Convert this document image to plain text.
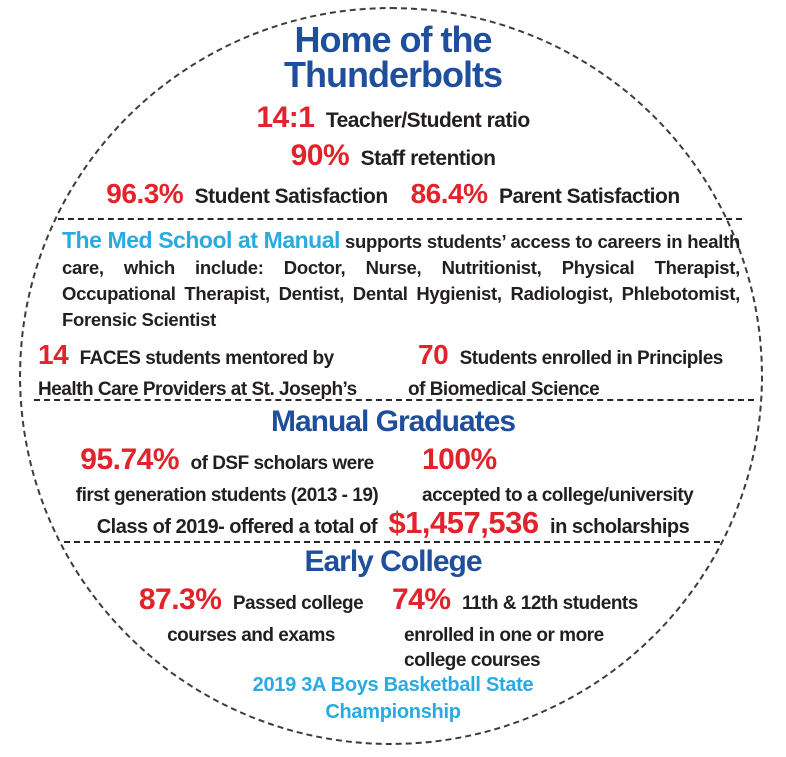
Home of the
Thunderbolts
14:1 Teacher/Student ratio
90% Staff retention
96.3% Student Satisfaction 86.4% Parent Satisfaction

The Med School at Manual supports students’ access to careers in health care, which include: Doctor, Nurse, Nutritionist, Physical Therapist, Occupational Therapist, Dentist, Dental Hygienist, Radiologist, Phlebotomist, Forensic Scientist

14 FACES students mentored by
Health Care Providers at St. Joseph’s
70 Students enrolled in Principles
of Biomedical Science
Manual Graduates
95.74% of DSF scholars were
first generation students (2013 - 19)
100%
accepted to a college/university
Class of 2019- offered a total of $1,457,536 in scholarships
Early College
87.3% Passed college
courses and exams
74% 11th & 12th students
enrolled in one or more
college courses
2019 3A Boys Basketball State
Championship
